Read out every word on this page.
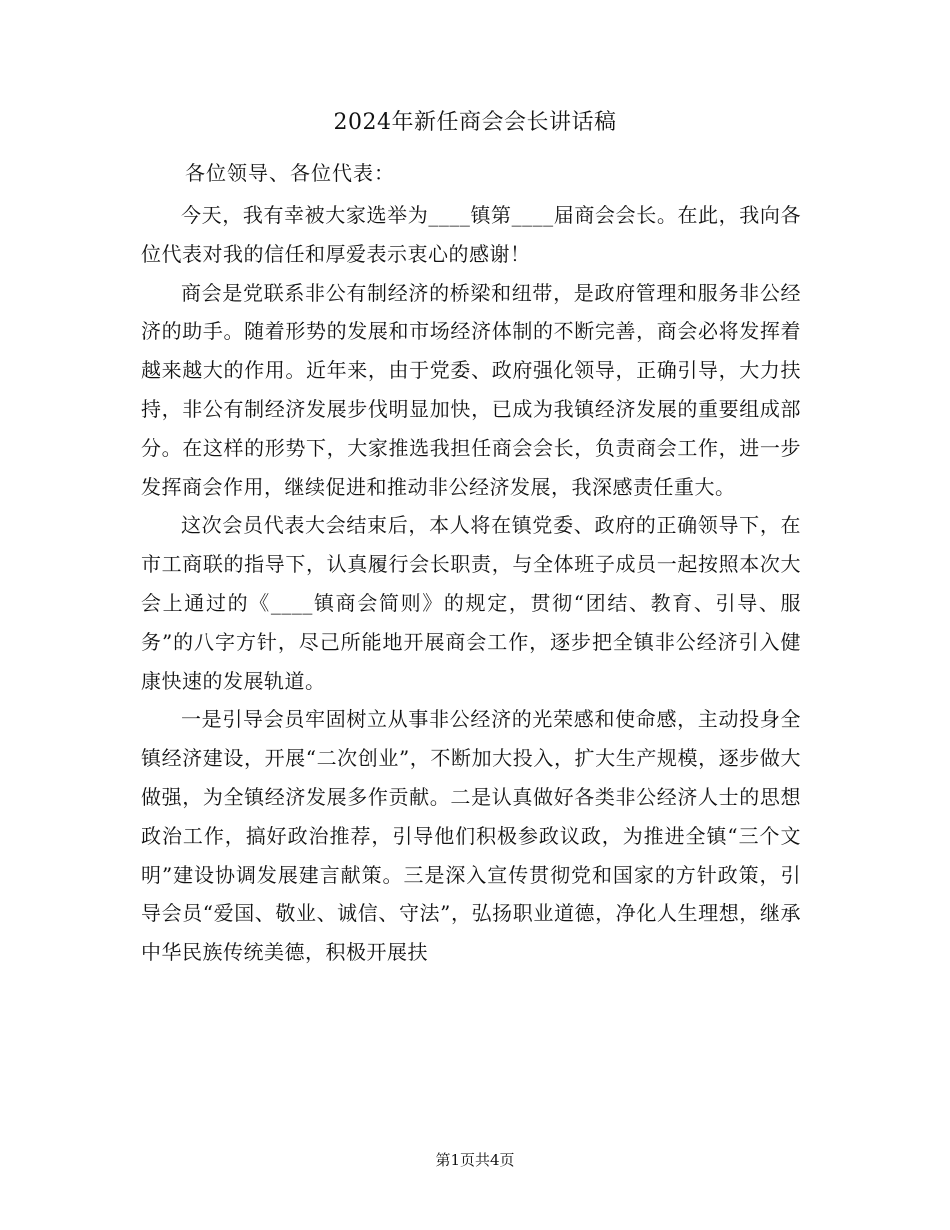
2024年新任商会会长讲话稿
各位领导、各位代表：

今天，我有幸被大家选举为____镇第____届商会会长。在此，我向各位代表对我的信任和厚爱表示衷心的感谢！

商会是党联系非公有制经济的桥梁和纽带，是政府管理和服务非公经济的助手。随着形势的发展和市场经济体制的不断完善，商会必将发挥着越来越大的作用。近年来，由于党委、政府强化领导，正确引导，大力扶持，非公有制经济发展步伐明显加快，已成为我镇经济发展的重要组成部分。在这样的形势下，大家推选我担任商会会长，负责商会工作，进一步发挥商会作用，继续促进和推动非公经济发展，我深感责任重大。

这次会员代表大会结束后，本人将在镇党委、政府的正确领导下，在市工商联的指导下，认真履行会长职责，与全体班子成员一起按照本次大会上通过的《____镇商会简则》的规定，贯彻“团结、教育、引导、服务”的八字方针，尽己所能地开展商会工作，逐步把全镇非公经济引入健康快速的发展轨道。

一是引导会员牢固树立从事非公经济的光荣感和使命感，主动投身全镇经济建设，开展“二次创业”，不断加大投入，扩大生产规模，逐步做大做强，为全镇经济发展多作贡献。二是认真做好各类非公经济人士的思想政治工作，搞好政治推荐，引导他们积极参政议政，为推进全镇“三个文明”建设协调发展建言献策。三是深入宣传贯彻党和国家的方针政策，引导会员“爱国、敬业、诚信、守法”，弘扬职业道德，净化人生理想，继承中华民族传统美德，积极开展扶

第1页共4页
